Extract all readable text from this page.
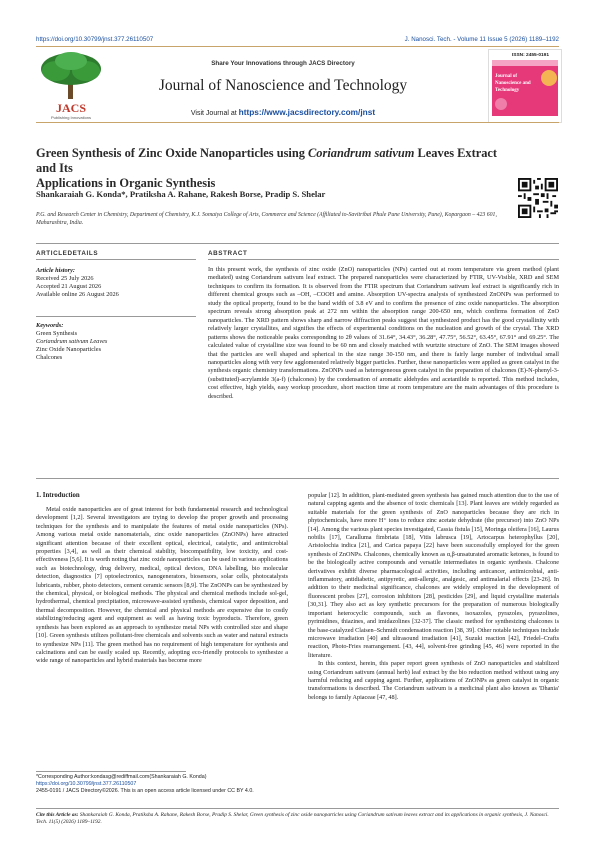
https://doi.org/10.30799/jnst.377.26110507	J. Nanosci. Tech. - Volume 11 Issue 5 (2026) 1189–1192
JACS
Publishing Innovations
Share Your Innovations through JACS Directory
Journal of Nanoscience and Technology
Visit Journal at https://www.jacsdirectory.com/jnst
ISSN: 2455-0191
Journal of
Nanoscience and
Technology
Green Synthesis of Zinc Oxide Nanoparticles using Coriandrum sativum Leaves Extract and Its
Applications in Organic Synthesis
Shankaraiah G. Konda*, Pratiksha A. Rahane, Rakesh Borse, Pradip S. Shelar
P.G. and Research Center in Chemistry, Department of Chemistry, K.J. Somaiya College of Arts, Commerce and Science (Affiliated to-Savitribai Phule Pune University, Pune), Kopargaon – 423 601, Maharashtra, India.
ARTICLEDETAILS	ABSTRACT
Article history:
Received 25 July 2026
Accepted 21 August 2026
Available online 26 August 2026
Keywords:
Green Synthesis
Coriandrum sativum Leaves
Zinc Oxide Nanoparticles
Chalcones
In this present work, the synthesis of zinc oxide (ZnO) nanoparticles (NPs) carried out at room temperature via green method (plant mediated) using Coriandrum sativum leaf extract. The prepared nanoparticles were characterized by FTIR, UV-Visible, XRD and SEM techniques to confirm its formation. It is observed from the FTIR spectrum that Coriandrum sativum leaf extract is significantly rich in different chemical groups such as –OH, –COOH and amine. Absorption UV-spectra analysis of synthesized ZnONPs was performed to study the optical property, found to be the band width of 3.8 eV and to confirm the presence of zinc oxide nanoparticles. The absorption spectrum reveals strong absorption peak at 272 nm within the absorption range 200-650 nm, which confirms formation of ZnO nanoparticles. The XRD pattern shows sharp and narrow diffraction peaks suggest that synthesized product has the good crystallinity with relatively larger crystallites, and signifies the effects of experimental conditions on the nucleation and growth of the crystal. The XRD patterns shows the noticeable peaks corresponding to 2θ values of 31.64°, 34.43°, 36.28°, 47.75°, 56.52°, 63.45°, 67.91° and 69.25°. The calculated value of crystalline size was found to be 60 nm and closely matched with wurtzite structure of ZnO. The SEM images showed that the particles are well shaped and spherical in the size range 30-150 nm, and there is fairly large number of individual small nanoparticles along with very few agglomerated relatively bigger particles. Further, these nanoparticles were applied as green catalyst in the synthesis organic chemistry transformations. ZnONPs used as heterogeneous green catalyst in the preparation of chalcones (E)-N-phenyl-3-(substituted)-acrylamide 3(a-f) (chalcones) by the condensation of aromatic aldehydes and acetanilide is reported. This method includes, cost effective, high yields, easy workup procedure, short reaction time at room temperature are the main advantages of this procedure is described.
1. Introduction

Metal oxide nanoparticles are of great interest for both fundamental research and technological development [1,2]. Several investigators are trying to develop the proper growth and processing techniques for the synthesis and to manipulate the features of metal oxide nanoparticles (NPs). Among various metal oxide nanomaterials, zinc oxide nanoparticles (ZnONPs) have attracted significant attention because of their excellent optical, electrical, catalytic, and antimicrobial properties [3,4], as well as their chemical stability, biocompatibility, low toxicity, and cost-effectiveness [5,6]. It is worth noting that zinc oxide nanoparticles can be used in various applications such as biotechnology, drug delivery, medical, optical devices, DNA labelling, bio molecular detection, diagnostics [7] optoelectronics, nanogenerators, biosensors, solar cells, photocatalysts lubricants, rubber, photo detectors, cement ceramic sensors [8,9]. The ZnONPs can be synthesized by the chemical, physical, or biological methods. The physical and chemical methods include sol-gel, hydrothermal, chemical precipitation, microwave-assisted synthesis, chemical vapor deposition, and thermal decomposition. However, the chemical and physical methods are expensive due to costly stabilizing/reducing agent and equipment as well as having toxic byproducts. Therefore, green synthesis has been explored as an approach to synthesize metal NPs with controlled size and shape [10]. Green synthesis utilizes pollutant-free chemicals and solvents such as water and natural extracts to synthesize NPs [11]. The green method has no requirement of high temperature for synthesis and calcinations and can be easily scaled up. Recently, adopting eco-friendly protocols to synthesize a wide range of nanoparticles and hybrid materials has become more

popular [12]. In addition, plant-mediated green synthesis has gained much attention due to the use of natural capping agents and the absence of toxic chemicals [13]. Plant leaves are widely regarded as suitable materials for the green synthesis of ZnO nanoparticles because they are rich in phytochemicals, have more H⁺ ions to reduce zinc acetate dehydrate (the precursor) into ZnO NPs [14]. Among the various plant species investigated, Cassia fistula [15], Moringa oleifera [16], Laurus nobilis [17], Caralluma fimbriata [18], Vitis labrusca [19], Artocarpus heterophyllus [20], Aristolochia indica [21], and Carica papaya [22] have been successfully employed for the green synthesis of ZnONPs. Chalcones, chemically known as α,β-unsaturated aromatic ketones, is found to be the biologically active compounds and versatile intermediates in organic synthesis. Chalcone derivatives exhibit diverse pharmacological activities, including anticancer, antimicrobial, anti-inflammatory, antidiabetic, antipyretic, anti-allergic, analgesic, and antimalarial effects [23-26]. In addition to their medicinal significance, chalcones are widely employed in the development of fluorescent probes [27], corrosion inhibitors [28], pesticides [29], and liquid crystalline materials [30,31]. They also act as key synthetic precursors for the preparation of numerous biologically important heterocyclic compounds, such as flavones, isoxazoles, pyrazoles, pyrazolines, pyrimidines, thiazines, and imidazolines [32-37]. The classic method for synthesizing chalcones is the base-catalyzed Claisen–Schmidt condensation reaction [38, 39]. Other notable techniques include microwave irradiation [40] and ultrasound irradiation [41], Suzuki reaction [42], Friedel–Crafts reaction, Photo-Fries rearrangement. [43, 44], solvent-free grinding [45, 46] were reported in the literature.

In this context, herein, this paper report green synthesis of ZnO nanoparticles and stabilized using Coriandrum sativum (annual herb) leaf extract by the bio reduction method without using any harmful reducing and capping agent. Further, applications of ZnONPs as green catalyst in organic transformations is described. The Coriandrum sativum is a medicinal plant also known as 'Dhania' belongs to family Apiaceae [47, 48].

*Corresponding Author:kondasg@rediffmail.com(Shankaraiah G. Konda)
https://doi.org/10.30799/jnst.377.26110507
2455-0191 / JACS Directory©2026. This is an open access article licensed under CC BY 4.0.
Cite this Article as: Shankaraiah G. Konda, Pratiksha A. Rahane, Rakesh Borse, Pradip S. Shelar, Green synthesis of zinc oxide nanoparticles using Coriandrum sativum leaves extract and its applications in organic synthesis, J. Nanosci. Tech. 11(5) (2026) 1189–1192.
